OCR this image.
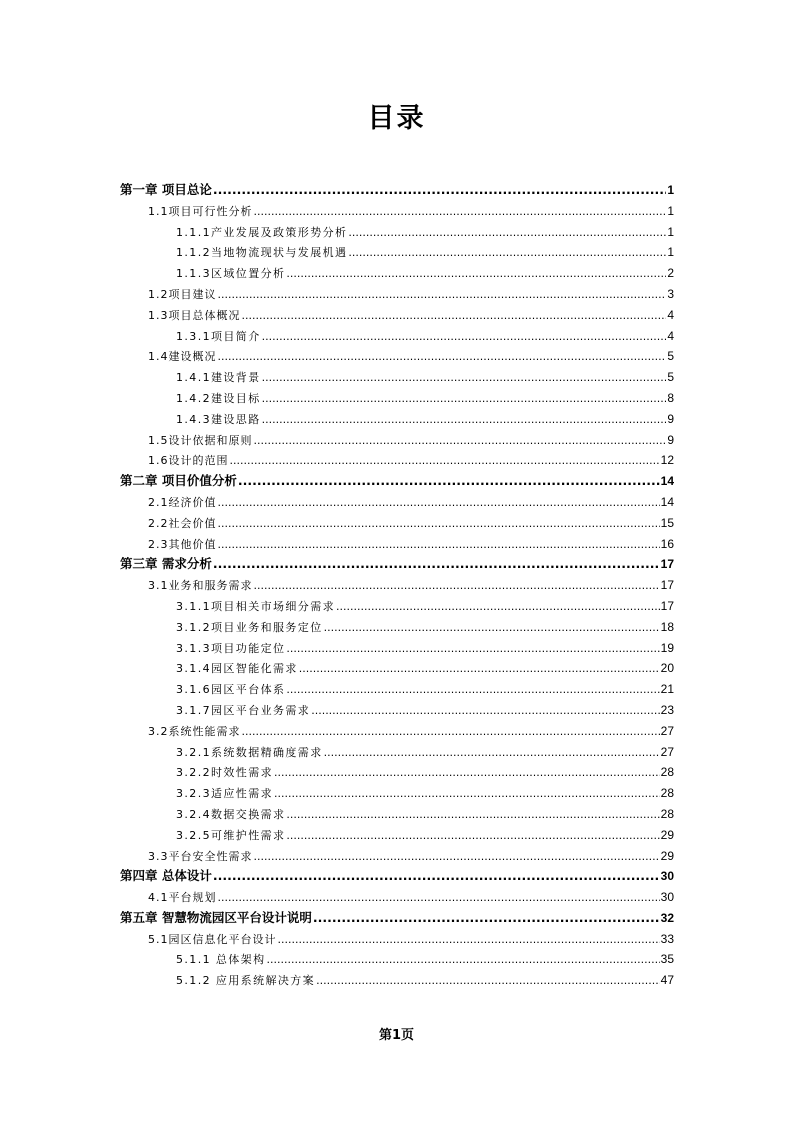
目录
第一章 项目总论 .....	1
1.1项目可行性分析 .....	1
1.1.1产业发展及政策形势分析 .....	1
1.1.2当地物流现状与发展机遇 .....	1
1.1.3区域位置分析 .....	2
1.2项目建议 .....	3
1.3项目总体概况 .....	4
1.3.1项目简介 .....	4
1.4建设概况 .....	5
1.4.1建设背景 .....	5
1.4.2建设目标 .....	8
1.4.3建设思路 .....	9
1.5设计依据和原则 .....	9
1.6设计的范围 .....	12
第二章 项目价值分析 .....	14
2.1经济价值 .....	14
2.2社会价值 .....	15
2.3其他价值 .....	16
第三章 需求分析 .....	17
3.1业务和服务需求 .....	17
3.1.1项目相关市场细分需求 .....	17
3.1.2项目业务和服务定位 .....	18
3.1.3项目功能定位 .....	19
3.1.4园区智能化需求 .....	20
3.1.6园区平台体系 .....	21
3.1.7园区平台业务需求 .....	23
3.2系统性能需求 .....	27
3.2.1系统数据精确度需求 .....	27
3.2.2时效性需求 .....	28
3.2.3适应性需求 .....	28
3.2.4数据交换需求 .....	28
3.2.5可维护性需求 .....	29
3.3平台安全性需求 .....	29
第四章 总体设计 .....	30
4.1平台规划 .....	30
第五章 智慧物流园区平台设计说明 .....	32
5.1园区信息化平台设计 .....	33
5.1.1 总体架构 .....	35
5.1.2 应用系统解决方案 .....	47
第1页
